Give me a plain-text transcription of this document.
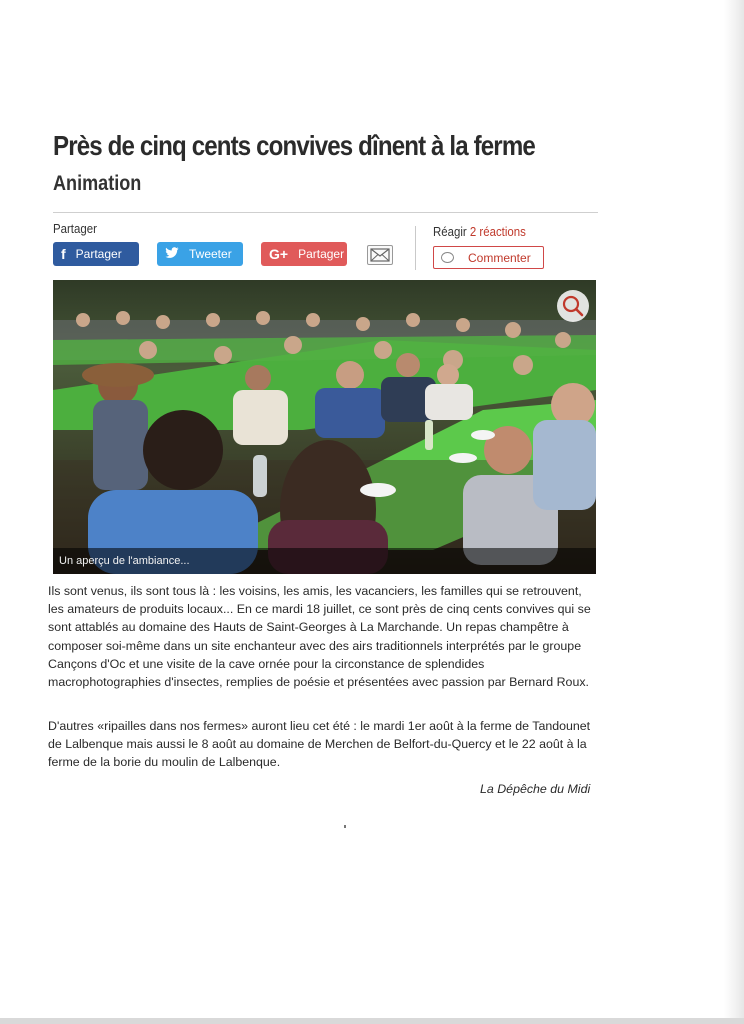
Près de cinq cents convives dînent à la ferme
Animation
Partager
f Partager	Tweeter	G+ Partager
Réagir 2 réactions
Commenter
Un aperçu de l'ambiance...

Ils sont venus, ils sont tous là : les voisins, les amis, les vacanciers, les familles qui se retrouvent, les amateurs de produits locaux... En ce mardi 18 juillet, ce sont près de cinq cents convives qui se sont attablés au domaine des Hauts de Saint-Georges à La Marchande. Un repas champêtre à composer soi-même dans un site enchanteur avec des airs traditionnels interprétés par le groupe Cançons d'Oc et une visite de la cave ornée pour la circonstance de splendides macrophotographies d'insectes, remplies de poésie et présentées avec passion par Bernard Roux.

D'autres «ripailles dans nos fermes» auront lieu cet été : le mardi 1er août à la ferme de Tandounet de Lalbenque mais aussi le 8 août au domaine de Merchen de Belfort-du-Quercy et le 22 août à la ferme de la borie du moulin de Lalbenque.

La Dépêche du Midi
